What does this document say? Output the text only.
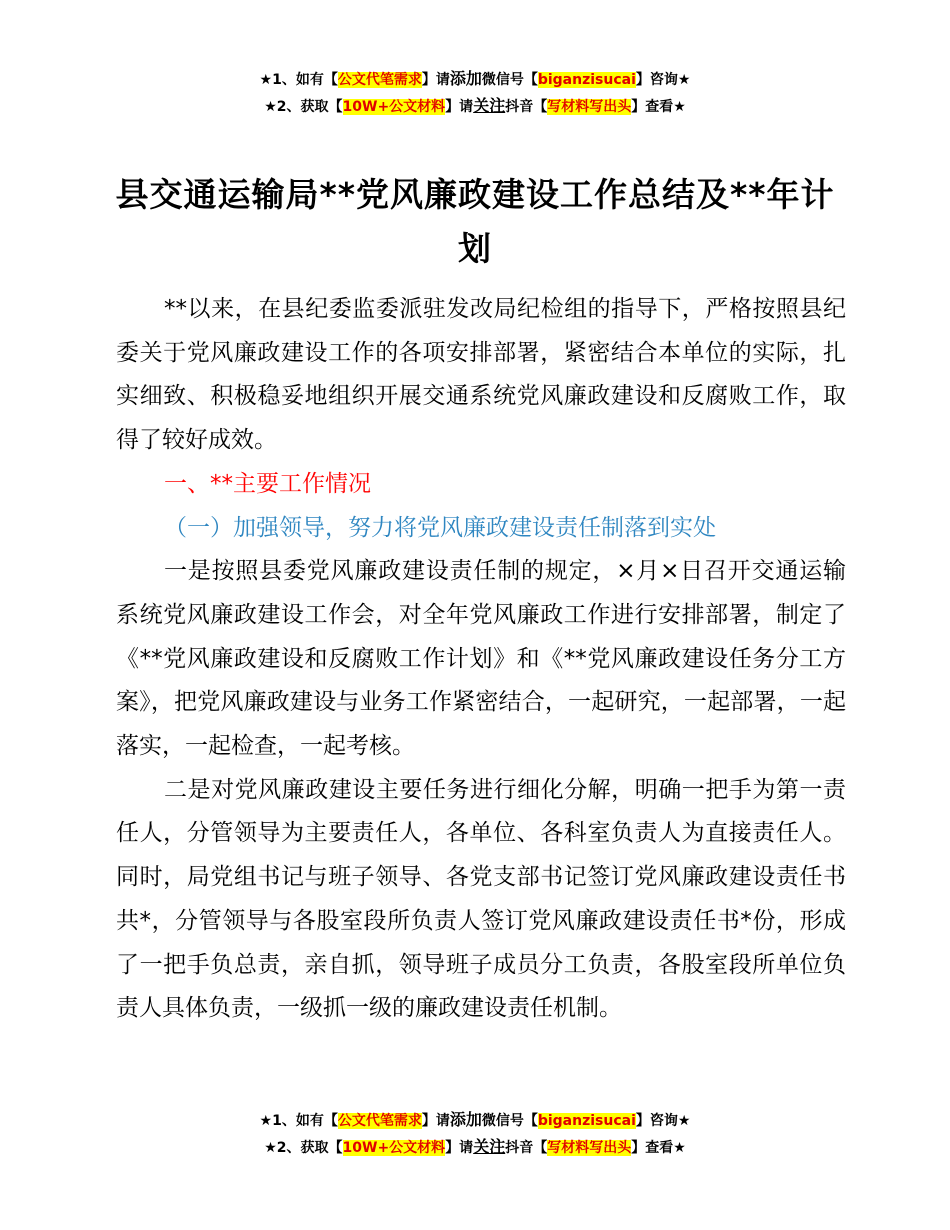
★1、如有【公文代笔需求】请添加微信号【biganzisucai】咨询★
★2、获取【10W+公文材料】请关注抖音【写材料写出头】查看★
县交通运输局**党风廉政建设工作总结及**年计划

**以来，在县纪委监委派驻发改局纪检组的指导下，严格按照县纪委关于党风廉政建设工作的各项安排部署，紧密结合本单位的实际，扎实细致、积极稳妥地组织开展交通系统党风廉政建设和反腐败工作，取得了较好成效。

一、**主要工作情况

（一）加强领导，努力将党风廉政建设责任制落到实处

一是按照县委党风廉政建设责任制的规定，×月×日召开交通运输系统党风廉政建设工作会，对全年党风廉政工作进行安排部署，制定了《**党风廉政建设和反腐败工作计划》和《**党风廉政建设任务分工方案》，把党风廉政建设与业务工作紧密结合，一起研究，一起部署，一起落实，一起检查，一起考核。

二是对党风廉政建设主要任务进行细化分解，明确一把手为第一责任人，分管领导为主要责任人，各单位、各科室负责人为直接责任人。同时，局党组书记与班子领导、各党支部书记签订党风廉政建设责任书共*，分管领导与各股室段所负责人签订党风廉政建设责任书*份，形成了一把手负总责，亲自抓，领导班子成员分工负责，各股室段所单位负责人具体负责，一级抓一级的廉政建设责任机制。

★1、如有【公文代笔需求】请添加微信号【biganzisucai】咨询★
★2、获取【10W+公文材料】请关注抖音【写材料写出头】查看★
